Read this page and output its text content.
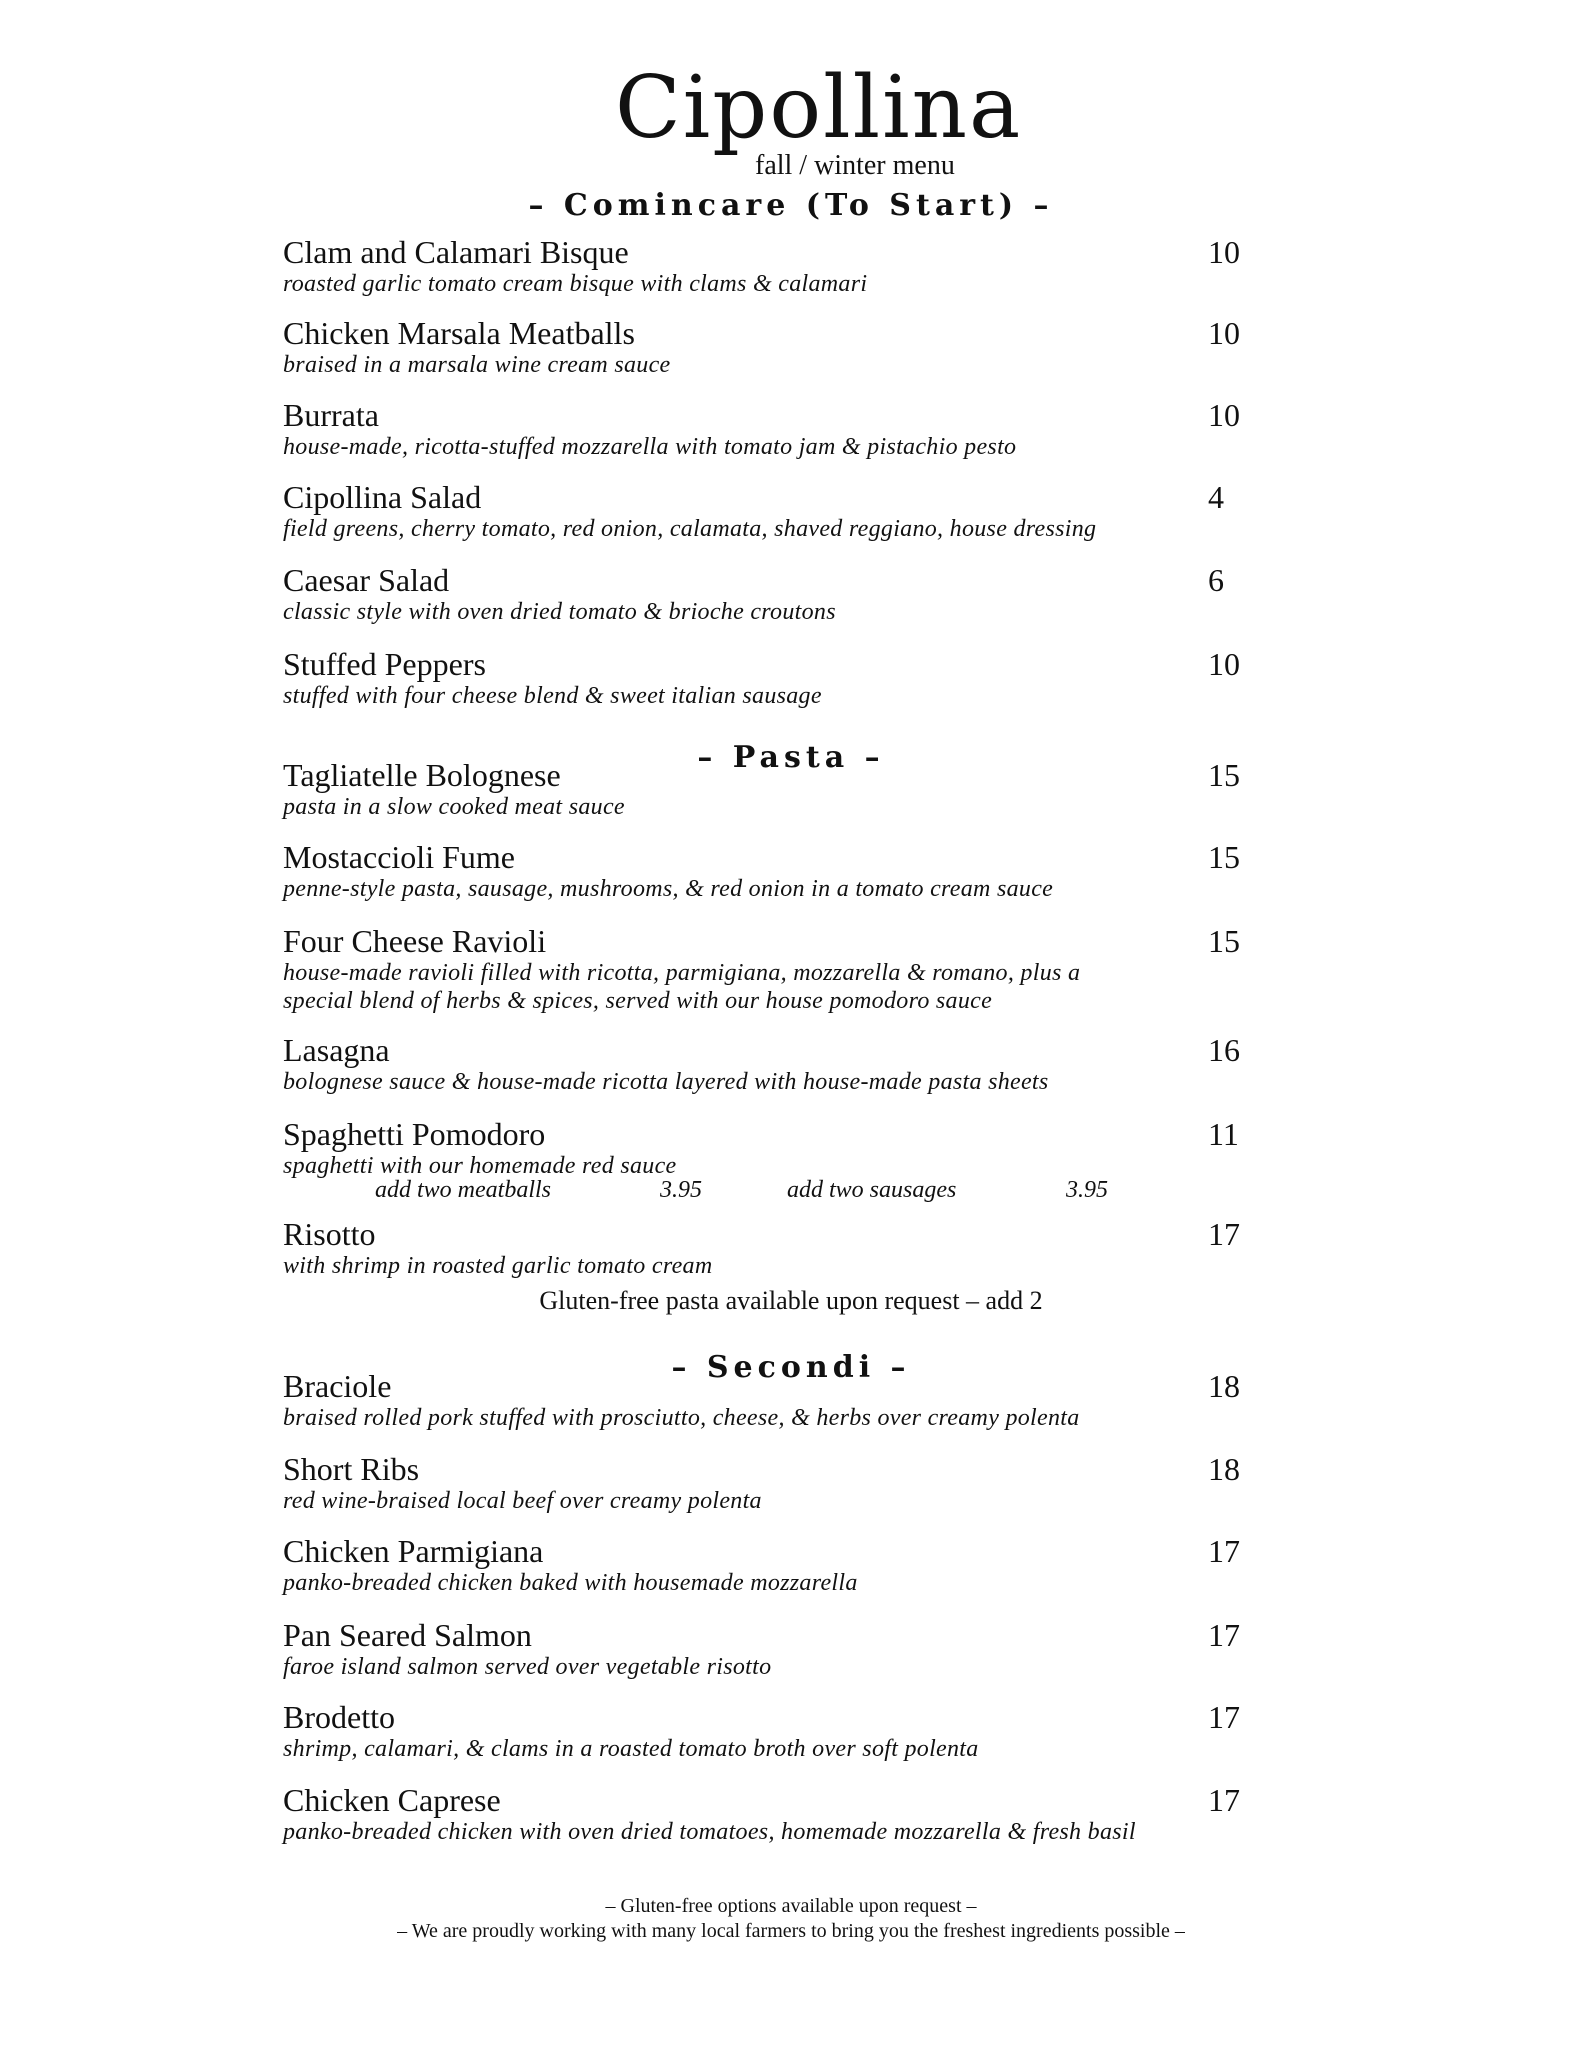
Cipollina
fall / winter menu
– Comincare (To Start) –
Clam and Calamari Bisque
roasted garlic tomato cream bisque with clams & calamari
10
Chicken Marsala Meatballs
braised in a marsala wine cream sauce
10
Burrata
house-made, ricotta-stuffed mozzarella with tomato jam & pistachio pesto
10
Cipollina Salad
field greens, cherry tomato, red onion, calamata, shaved reggiano, house dressing
4
Caesar Salad
classic style with oven dried tomato & brioche croutons
6
Stuffed Peppers
stuffed with four cheese blend & sweet italian sausage
10
– Pasta –
Tagliatelle Bolognese
pasta in a slow cooked meat sauce
15
Mostaccioli Fume
penne-style pasta, sausage, mushrooms, & red onion in a tomato cream sauce
15
Four Cheese Ravioli
house-made ravioli filled with ricotta, parmigiana, mozzarella & romano, plus a
special blend of herbs & spices, served with our house pomodoro sauce
15
Lasagna
bolognese sauce & house-made ricotta layered with house-made pasta sheets
16
Spaghetti Pomodoro
spaghetti with our homemade red sauce
11
add two meatballs	3.95	add two sausages	3.95
Risotto
with shrimp in roasted garlic tomato cream
17
Gluten-free pasta available upon request – add 2
– Secondi –
Braciole
braised rolled pork stuffed with prosciutto, cheese, & herbs over creamy polenta
18
Short Ribs
red wine-braised local beef over creamy polenta
18
Chicken Parmigiana
panko-breaded chicken baked with housemade mozzarella
17
Pan Seared Salmon
faroe island salmon served over vegetable risotto
17
Brodetto
shrimp, calamari, & clams in a roasted tomato broth over soft polenta
17
Chicken Caprese
panko-breaded chicken with oven dried tomatoes, homemade mozzarella & fresh basil
17
– Gluten-free options available upon request –
– We are proudly working with many local farmers to bring you the freshest ingredients possible –
